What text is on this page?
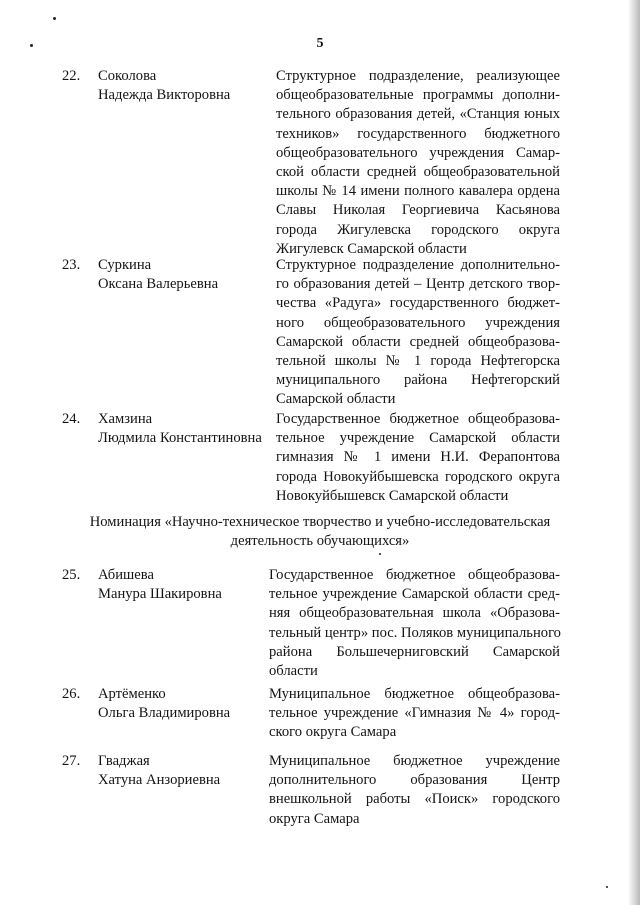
5
22. Соколова
Надежда Викторовна
Структурное подразделение, реализующее
общеобразовательные программы дополни-
тельного образования детей, «Станция юных
техников» государственного бюджетного
общеобразовательного учреждения Самар-
ской области средней общеобразовательной
школы № 14 имени полного кавалера ордена
Славы Николая Георгиевича Касьянова
города Жигулевска городского округа
Жигулевск Самарской области
23. Суркина
Оксана Валерьевна
Структурное подразделение дополнительно-
го образования детей – Центр детского твор-
чества «Радуга» государственного бюджет-
ного общеобразовательного учреждения
Самарской области средней общеобразова-
тельной школы № 1 города Нефтегорска
муниципального района Нефтегорский
Самарской области
24. Хамзина
Людмила Константиновна
Государственное бюджетное общеобразова-
тельное учреждение Самарской области
гимназия № 1 имени Н.И. Ферапонтова
города Новокуйбышевска городского округа
Новокуйбышевск Самарской области
Номинация «Научно-техническое творчество и учебно-исследовательская
деятельность обучающихся»
25. Абишева
Манура Шакировна
Государственное бюджетное общеобразова-
тельное учреждение Самарской области сред-
няя общеобразовательная школа «Образова-
тельный центр» пос. Поляков муниципального
района Большечерниговский Самарской
области
26. Артёменко
Ольга Владимировна
Муниципальное бюджетное общеобразова-
тельное учреждение «Гимназия № 4» город-
ского округа Самара
27. Гваджая
Хатуна Анзориевна
Муниципальное бюджетное учреждение
дополнительного образования Центр
внешкольной работы «Поиск» городского
округа Самара
